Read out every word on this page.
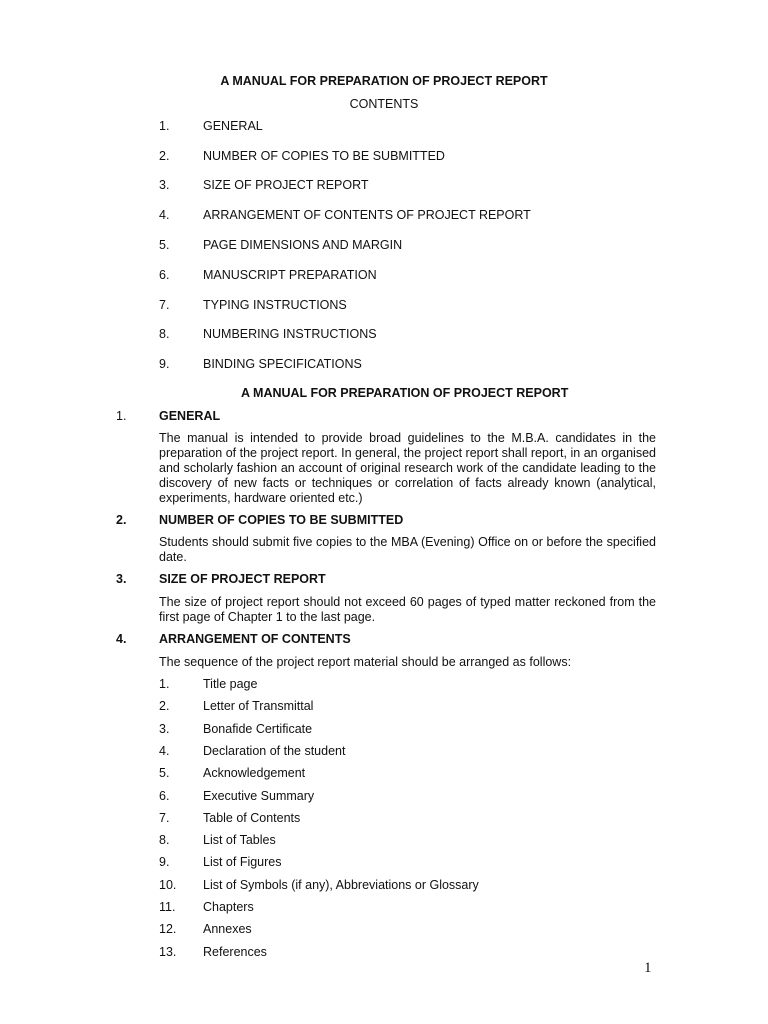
A MANUAL FOR PREPARATION OF PROJECT REPORT
CONTENTS
1.	GENERAL
2.	NUMBER OF COPIES TO BE SUBMITTED
3.	SIZE OF PROJECT REPORT
4.	ARRANGEMENT OF CONTENTS OF PROJECT REPORT
5.	PAGE DIMENSIONS AND MARGIN
6.	MANUSCRIPT PREPARATION
7.	TYPING INSTRUCTIONS
8.	NUMBERING INSTRUCTIONS
9.	BINDING SPECIFICATIONS
A MANUAL FOR PREPARATION OF PROJECT REPORT
1.	GENERAL
The manual is intended to provide broad guidelines to the M.B.A. candidates in the preparation of the project report. In general, the project report shall report, in an organised and scholarly fashion an account of original research work of the candidate leading to the discovery of new facts or techniques or correlation of facts already known (analytical, experiments, hardware oriented etc.)
2.	NUMBER OF COPIES TO BE SUBMITTED
Students should submit five copies to the MBA (Evening) Office on or before the specified date.
3.	SIZE OF PROJECT REPORT
The size of project report should not exceed 60 pages of typed matter reckoned from the first page of Chapter 1 to the last page.
4.	ARRANGEMENT OF CONTENTS
The sequence of the project report material should be arranged as follows:
1.	Title page
2.	Letter of Transmittal
3.	Bonafide Certificate
4.	Declaration of the student
5.	Acknowledgement
6.	Executive Summary
7.	Table of Contents
8.	List of Tables
9.	List of Figures
10.	List of Symbols (if any), Abbreviations or Glossary
11.	Chapters
12.	Annexes
13.	References
1
